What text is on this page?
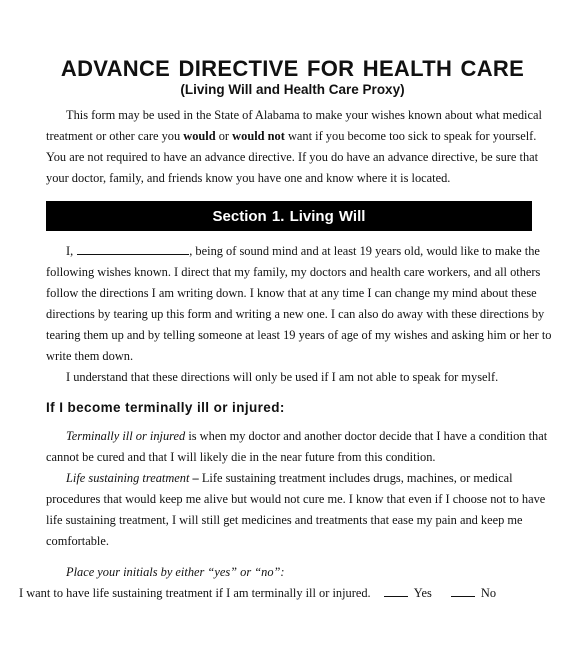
ADVANCE DIRECTIVE FOR HEALTH CARE
(Living Will and Health Care Proxy)
This form may be used in the State of Alabama to make your wishes known about what medical
treatment or other care you would or would not want if you become too sick to speak for yourself.
You are not required to have an advance directive. If you do have an advance directive, be sure that
your doctor, family, and friends know you have one and know where it is located.
Section 1. Living Will
I,	, being of sound mind and at least 19 years old, would like to make the
following wishes known. I direct that my family, my doctors and health care workers, and all others
follow the directions I am writing down. I know that at any time I can change my mind about these
directions by tearing up this form and writing a new one. I can also do away with these directions by
tearing them up and by telling someone at least 19 years of age of my wishes and asking him or her to
write them down.
I understand that these directions will only be used if I am not able to speak for myself.
If I become terminally ill or injured:
Terminally ill or injured is when my doctor and another doctor decide that I have a condition that
cannot be cured and that I will likely die in the near future from this condition.
Life sustaining treatment – Life sustaining treatment includes drugs, machines, or medical
procedures that would keep me alive but would not cure me. I know that even if I choose not to have
life sustaining treatment, I will still get medicines and treatments that ease my pain and keep me
comfortable.
Place your initials by either “yes” or “no”:
I want to have life sustaining treatment if I am terminally ill or injured.	Yes	No
